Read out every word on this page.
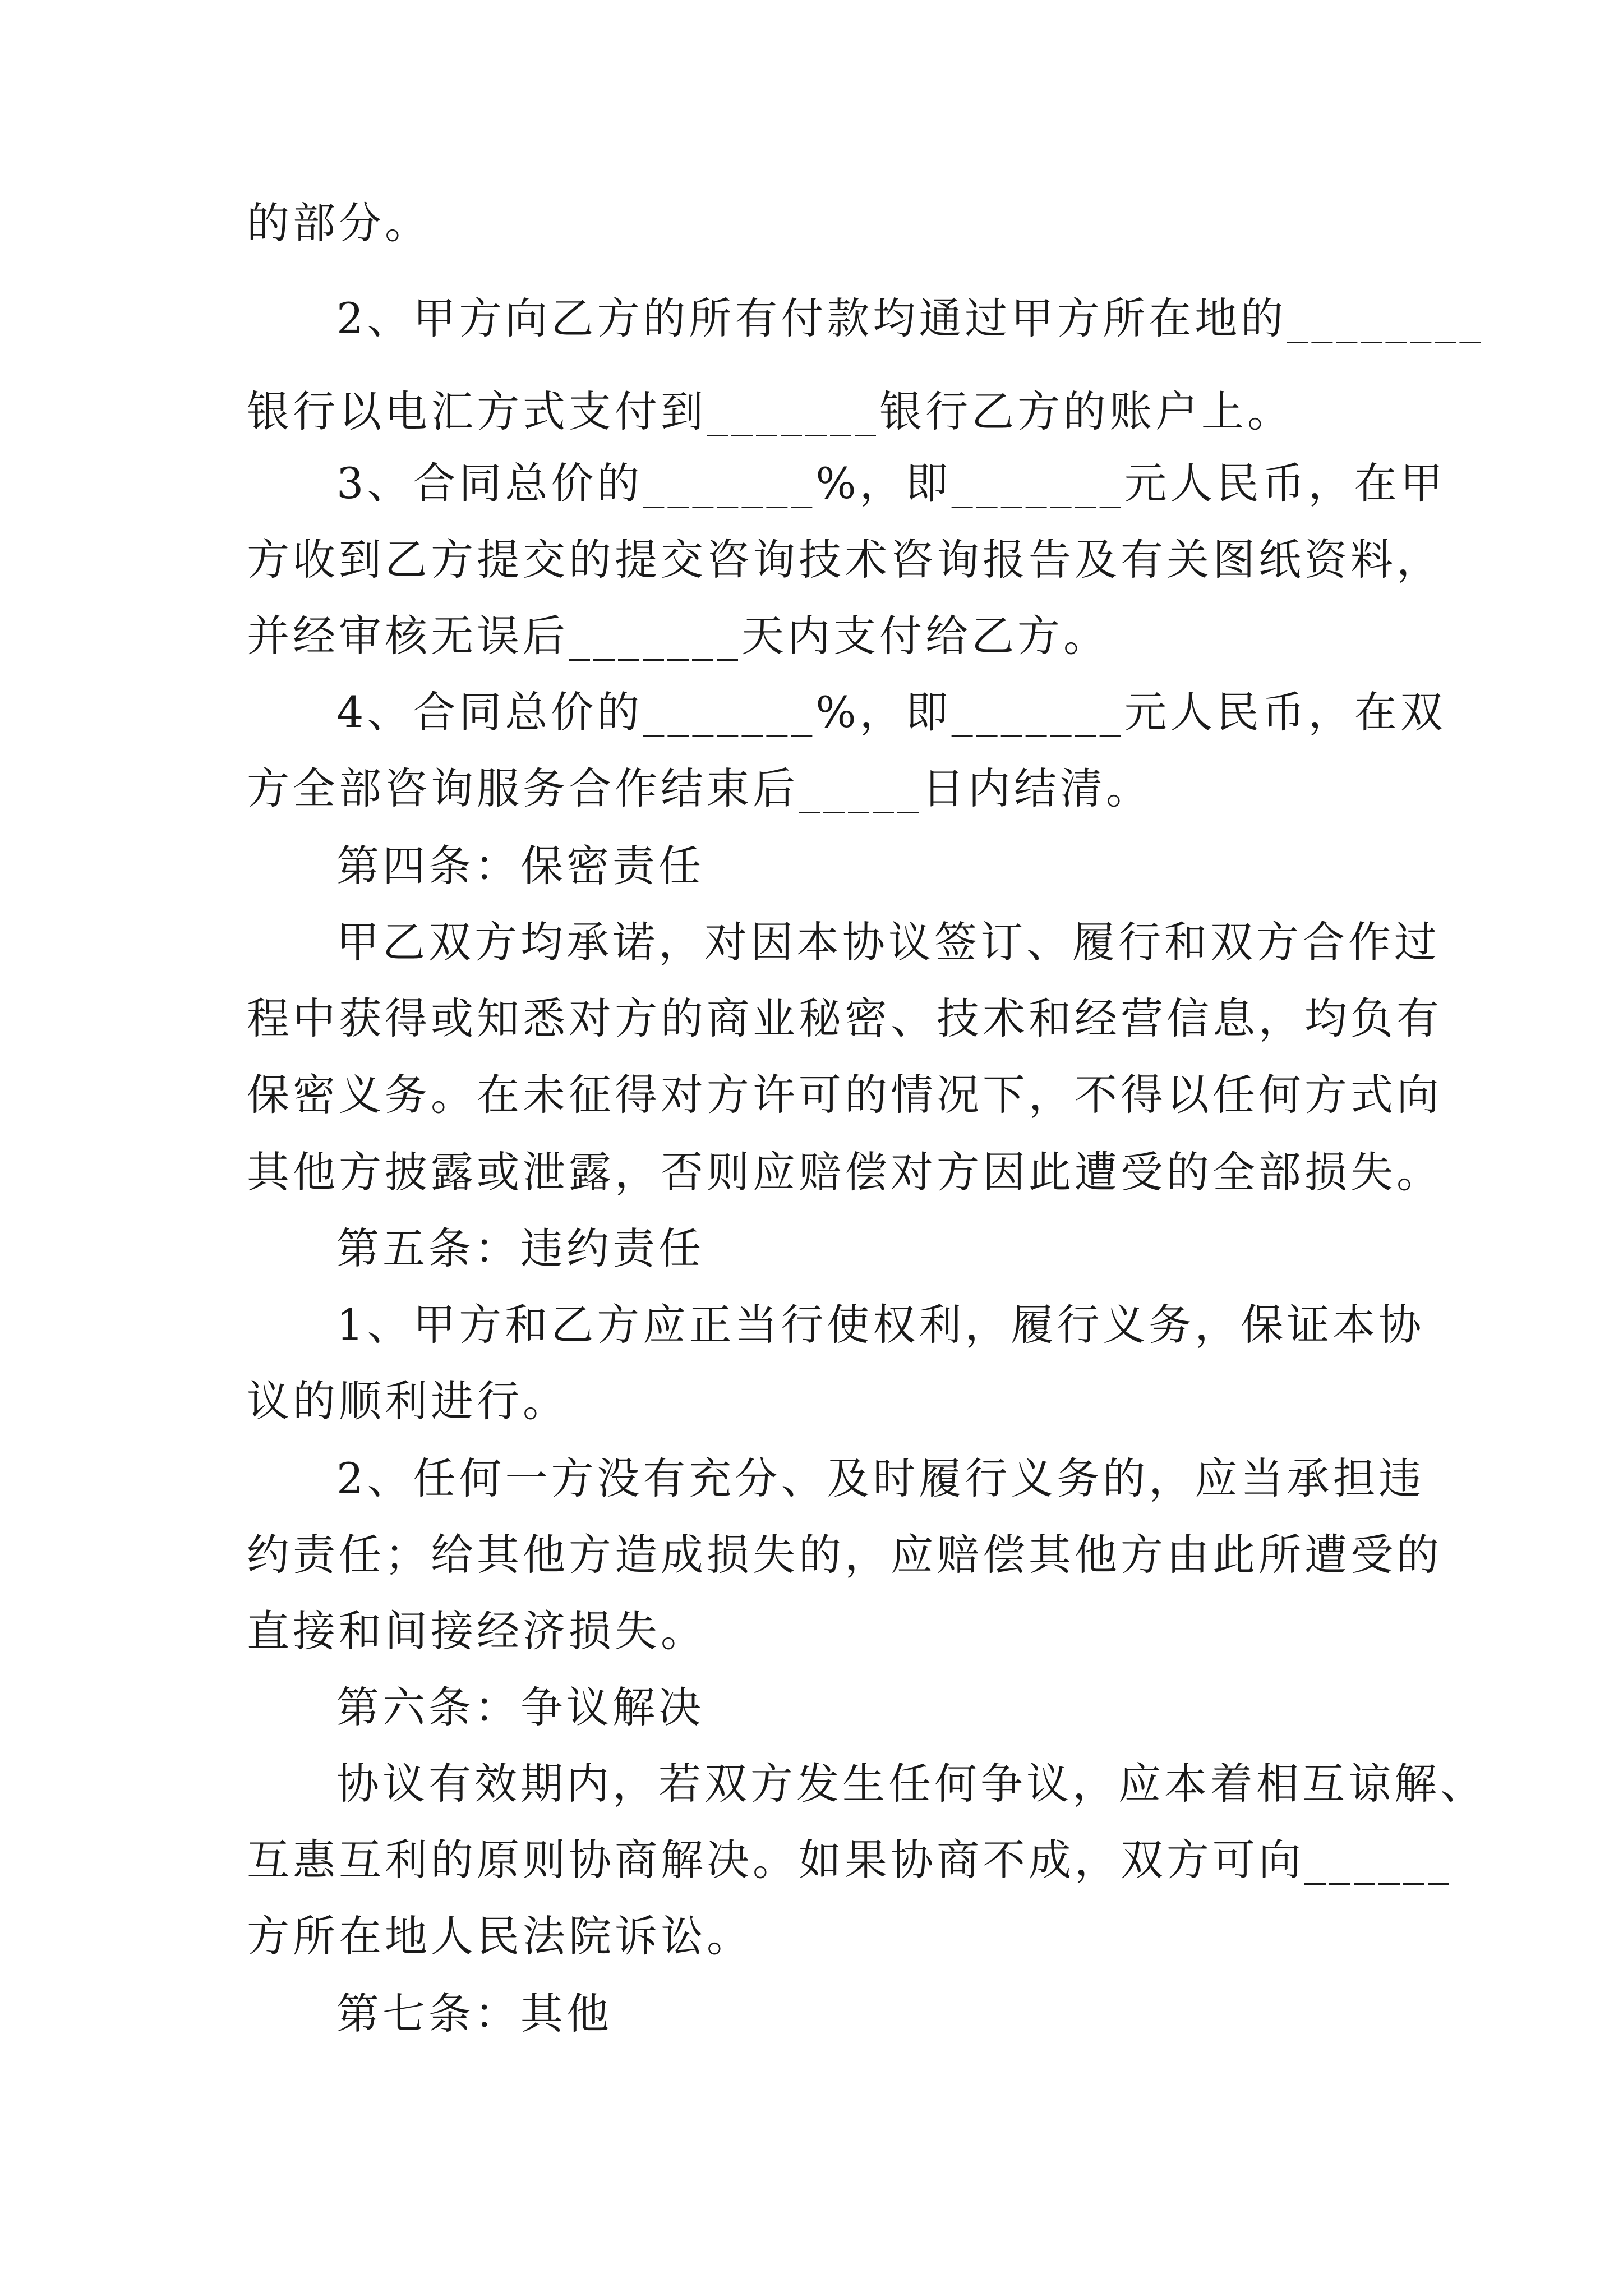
的部分。
2、甲方向乙方的所有付款均通过甲方所在地的________
银行以电汇方式支付到_______银行乙方的账户上。
3、合同总价的_______%，即_______元人民币，在甲
方收到乙方提交的提交咨询技术咨询报告及有关图纸资料，
并经审核无误后_______天内支付给乙方。
4、合同总价的_______%，即_______元人民币，在双
方全部咨询服务合作结束后_____日内结清。
第四条：保密责任
甲乙双方均承诺，对因本协议签订、履行和双方合作过
程中获得或知悉对方的商业秘密、技术和经营信息，均负有
保密义务。在未征得对方许可的情况下，不得以任何方式向
其他方披露或泄露，否则应赔偿对方因此遭受的全部损失。
第五条：违约责任
1、甲方和乙方应正当行使权利，履行义务，保证本协
议的顺利进行。
2、任何一方没有充分、及时履行义务的，应当承担违
约责任；给其他方造成损失的，应赔偿其他方由此所遭受的
直接和间接经济损失。
第六条：争议解决
协议有效期内，若双方发生任何争议，应本着相互谅解、
互惠互利的原则协商解决。如果协商不成，双方可向______
方所在地人民法院诉讼。
第七条：其他
